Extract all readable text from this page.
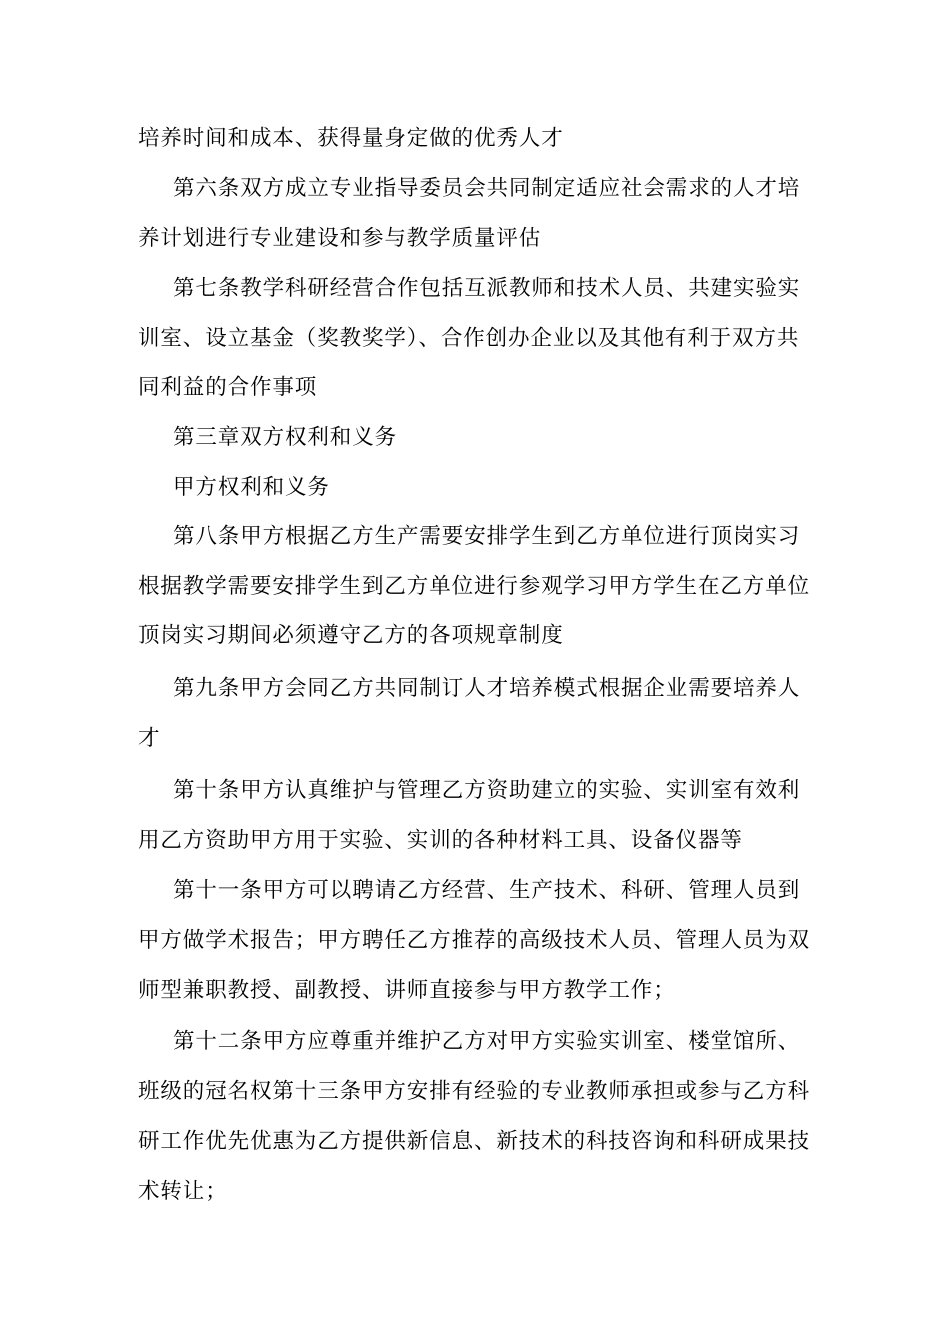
培养时间和成本、获得量身定做的优秀人才
第六条双方成立专业指导委员会共同制定适应社会需求的人才培
养计划进行专业建设和参与教学质量评估
第七条教学科研经营合作包括互派教师和技术人员、共建实验实
训室、设立基金（奖教奖学）、合作创办企业以及其他有利于双方共
同利益的合作事项
第三章双方权利和义务
甲方权利和义务
第八条甲方根据乙方生产需要安排学生到乙方单位进行顶岗实习
根据教学需要安排学生到乙方单位进行参观学习甲方学生在乙方单位
顶岗实习期间必须遵守乙方的各项规章制度
第九条甲方会同乙方共同制订人才培养模式根据企业需要培养人
才
第十条甲方认真维护与管理乙方资助建立的实验、实训室有效利
用乙方资助甲方用于实验、实训的各种材料工具、设备仪器等
第十一条甲方可以聘请乙方经营、生产技术、科研、管理人员到
甲方做学术报告；甲方聘任乙方推荐的高级技术人员、管理人员为双
师型兼职教授、副教授、讲师直接参与甲方教学工作；
第十二条甲方应尊重并维护乙方对甲方实验实训室、楼堂馆所、
班级的冠名权第十三条甲方安排有经验的专业教师承担或参与乙方科
研工作优先优惠为乙方提供新信息、新技术的科技咨询和科研成果技
术转让；
